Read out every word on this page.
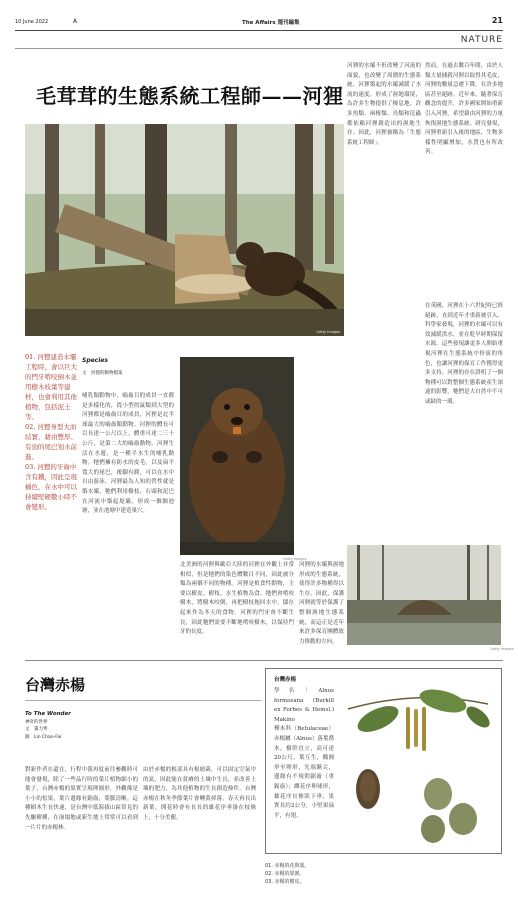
10 June 2022	A	The Affairs 週刊編集	21
NATURE
毛茸茸的生態系統工程師——河狸
Getty Images
01. 河狸建造水壩工程時，會以巨大的門牙啃咬倒木並用樹木枝葉等建材，也會利用其他植物，包括泥土等。
02. 河狸身型大而結實，藉由豐厚、有勁的尾巴划水前進。
03. 河狸的牙齒中含有鐵，因此呈現橘色，在水中可以持續堅硬數小時不會變形。
Species
文　河狸的動物檔案
哺乳類動物中，嚙齒目的成員一直都是多樣化的，從小型的鼠類到大型的河狸都是嚙齒目的成員，河狸是北半球最大的嚙齒類動物。河狸的體長可以長達一公尺以上，體重可達二三十公斤，是第二大的嚙齒動物。河狸生活在水邊，是一種半水生的哺乳動物。牠們擁有防水的皮毛，以及扁平寬大的尾巴，後腳有蹼，可以在水中自由游泳。河狸最為人知的習性就是築水壩，牠們利用樹枝、石頭和泥巴在河流中築起堤壩，形成一個個池塘，並在池塘中建造巢穴。
Getty Images
北美洲的河狸與歐亞大陸的河狸在外觀上非常相似，但是牠們的染色體數目不同，因此被分類為兩個不同的物種。河狸是植食性動物，主要以樹皮、樹枝、水生植物為食。牠們會啃咬樹木，將樹木咬倒，再把樹枝拖回水中，儲存起來作為冬天的食物。河狸的門牙會不斷生長，因此牠們需要不斷地啃咬樹木，以保持門牙的長度。
河狸的水壩與濕地形成的生態系統，使得許多物種得以生存。因此，保護河狸就等於保護了整個濕地生態系統，而這正是近年來許多保育團體致力推動的方向。
河狸的水壩不但改變了河流的面貌，也改變了周圍的生態系統。河狸築起的水壩減緩了水流的速度，形成了濕地環境，為許多生物提供了棲息地。許多魚類、兩棲類、鳥類和昆蟲都依賴河狸創造出的濕地生存。因此，河狸被稱為「生態系統工程師」。
然而，在過去數百年間，由於人類大量捕殺河狸以取得其毛皮，河狸的數量急遽下降，在許多地區甚至絕跡。近年來，隨著保育觀念的提升，許多國家開始重新引入河狸，希望藉由河狸的力量恢復濕地生態系統。研究發現，河狸重新引入後的地區，生物多樣性明顯增加，水質也有所改善。
在英國，河狸在十六世紀時已經絕跡，直到近年才重新被引入。科學家發現，河狸的水壩可以有效減緩洪水，並在乾旱時期保留水源。這些發現讓更多人開始重視河狸在生態系統中扮演的角色，也讓河狸的保育工作獲得更多支持。河狸的存在證明了一個物種可以對整個生態系統產生深遠的影響，牠們是大自然中不可或缺的一環。
Getty Images
台灣赤楊
To The Wonder
神奇的世界
文　董力齊
圖　Lin Chan-Fai
對新作者在還在，行程中我再度前往參觀時可能會發現，除了一些品行時的葉片植物細小的葉子，台灣赤楊的果實呈現卵圓形，外觀像是小小的松果，葉片邊緣有鋸齒，葉脈清晰。這種樹木生長快速，是台灣中低海拔山區常見的先驅樹種，在崩塌地或新生地上常常可以看到一片片的赤楊林。
由於赤楊的根部具有根瘤菌，可以固定空氣中的氮，因此能在貧瘠的土壤中生長，並改善土壤的肥力，為其他植物的生長創造條件。台灣赤楊在秋冬季節葉片會轉黃掉落，春天再長出新葉，開花時會有長長的雄花序垂掛在枝條上，十分美麗。
台灣赤楊
學名｜Alnus formosana (Burkill ex Forbes & Hemsl.) Makino
樺木科（Betulaceae）赤楊屬（Alnus）落葉喬木，樹幹直立，高可達20公尺，葉互生，橢圓形至卵形，先端漸尖，邊緣有不規則鋸齒（重鋸齒）；雌花序卵球形，雄花序長條狀下垂，果實長約2公分，小堅果扁平，有翅。
01. 赤楊的花與葉。
02. 赤楊的果實。
03. 赤楊的樹皮。
